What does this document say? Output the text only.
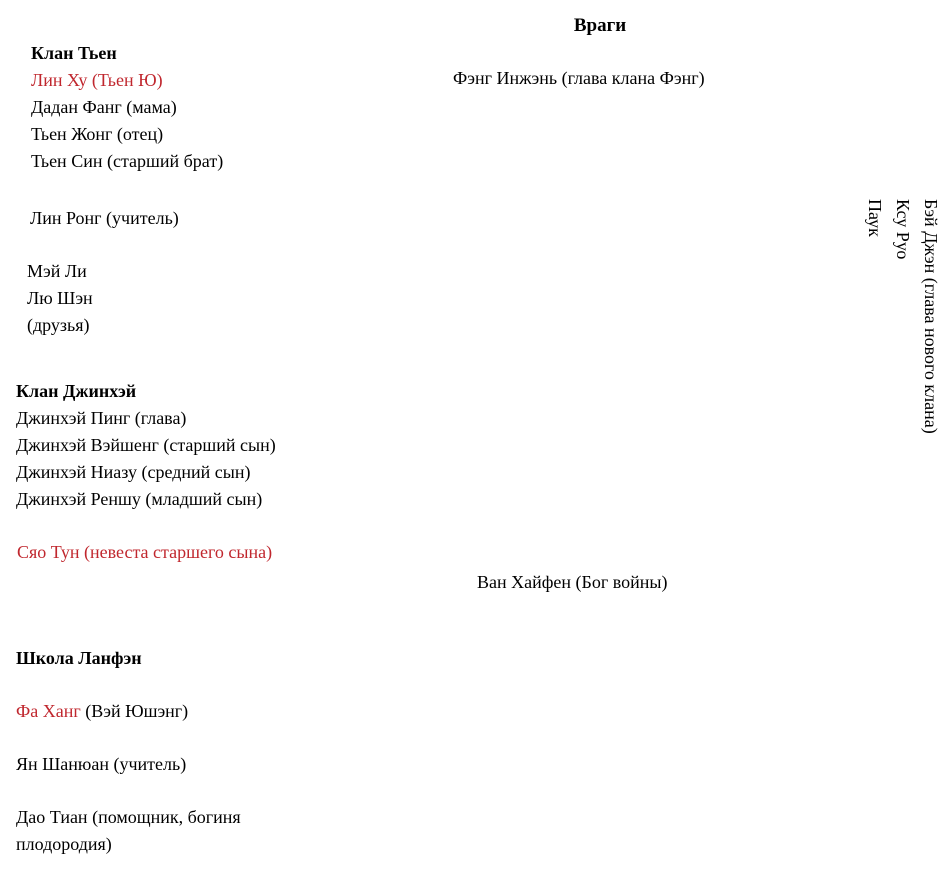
Враги
Клан Тьен
Лин Ху (Тьен Ю)
Дадан Фанг (мама)
Тьен Жонг (отец)
Тьен Син (старший брат)
Фэнг Инжэнь (глава клана Фэнг)
Лин Ронг (учитель)
Мэй Ли
Лю Шэн
(друзья)
Клан Джинхэй
Джинхэй Пинг (глава)
Джинхэй Вэйшенг (старший сын)
Джинхэй Ниазу (средний сын)
Джинхэй Реншу (младший сын)
Сяо Тун (невеста старшего сына)
Ван Хайфен (Бог войны)
Школа Ланфэн
Фа Ханг (Вэй Юшэнг)
Ян Шанюан (учитель)
Дао Тиан (помощник, богиня
плодородия)
Бэй Джэн (глава нового клана)
Ксу Руо
Паук
